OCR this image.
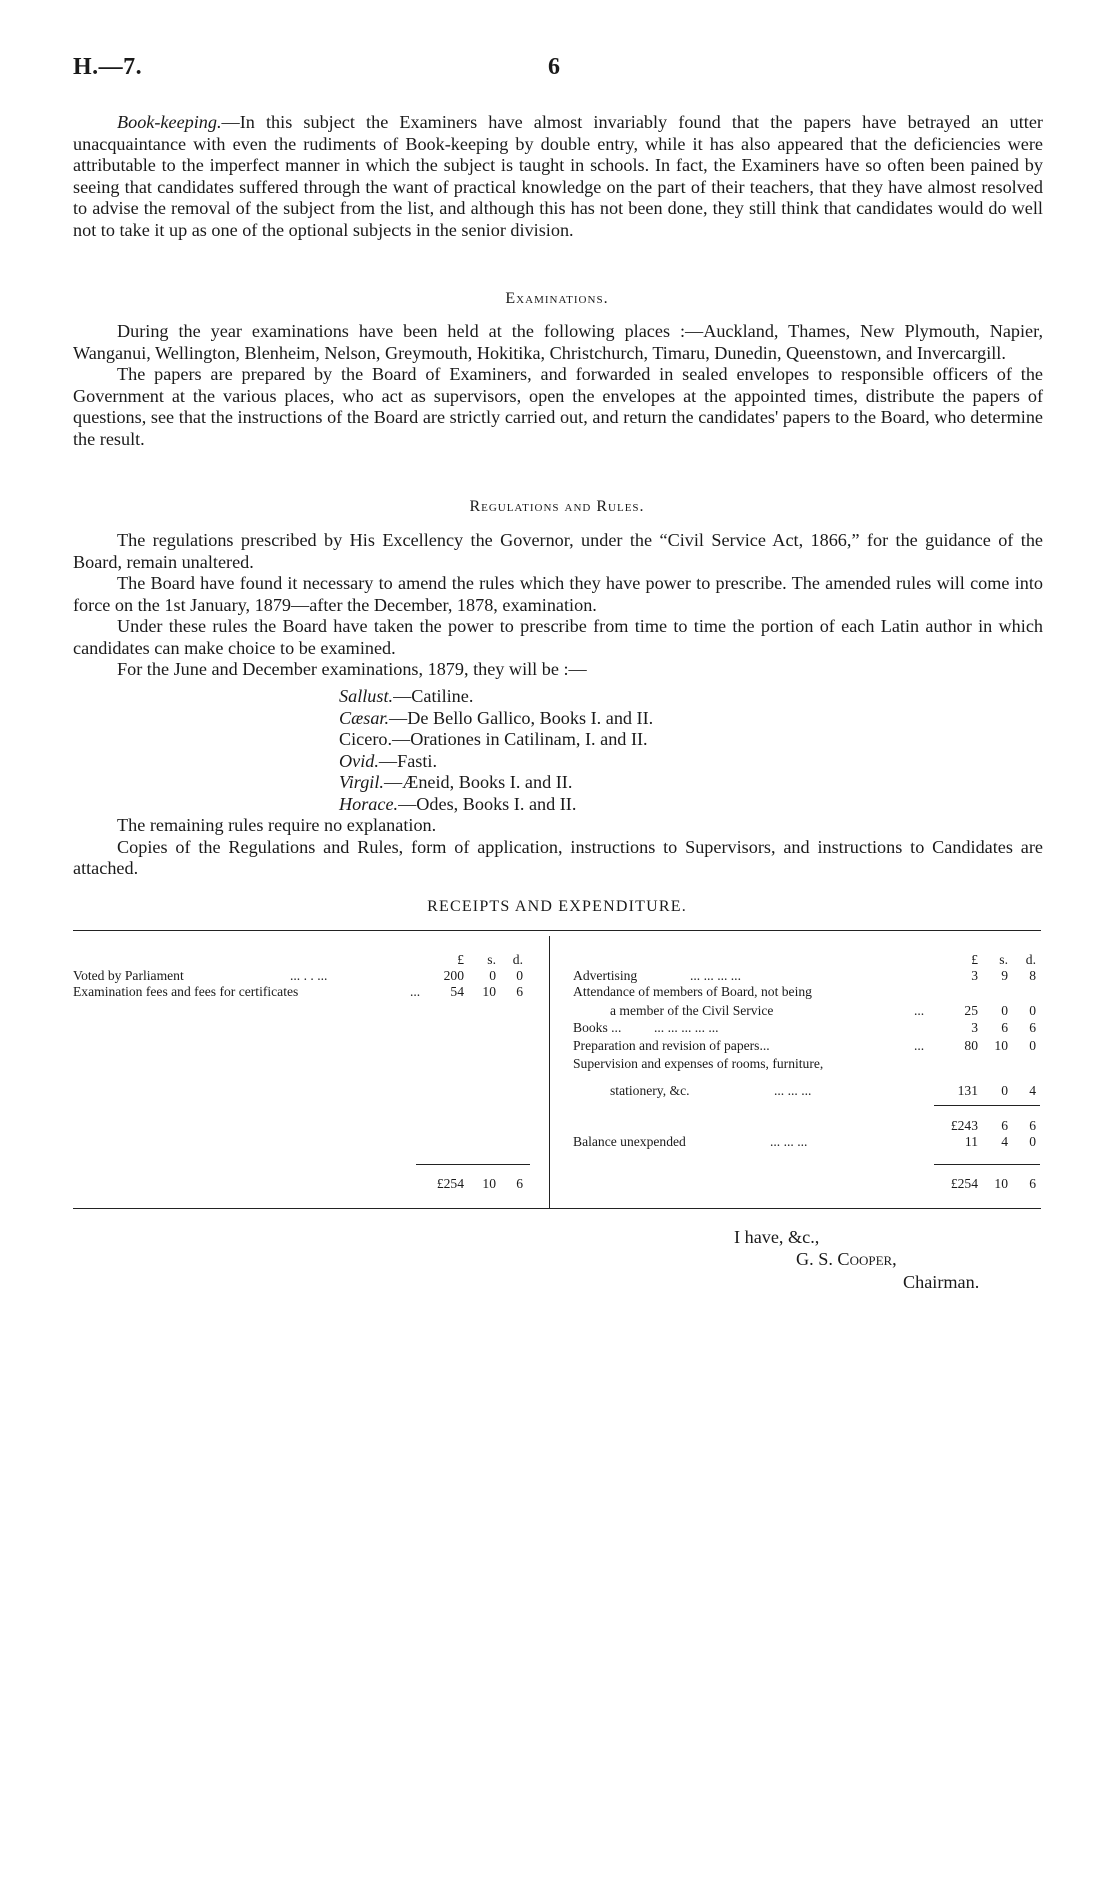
H.—7.	6

Book-keeping.—In this subject the Examiners have almost invariably found that the papers have betrayed an utter unacquaintance with even the rudiments of Book-keeping by double entry, while it has also appeared that the deficiencies were attributable to the imperfect manner in which the subject is taught in schools. In fact, the Examiners have so often been pained by seeing that candidates suffered through the want of practical knowledge on the part of their teachers, that they have almost resolved to advise the removal of the subject from the list, and although this has not been done, they still think that candidates would do well not to take it up as one of the optional subjects in the senior division.

Examinations.

During the year examinations have been held at the following places :—Auckland, Thames, New Plymouth, Napier, Wanganui, Wellington, Blenheim, Nelson, Greymouth, Hokitika, Christchurch, Timaru, Dunedin, Queenstown, and Invercargill.

The papers are prepared by the Board of Examiners, and forwarded in sealed envelopes to responsible officers of the Government at the various places, who act as supervisors, open the envelopes at the appointed times, distribute the papers of questions, see that the instructions of the Board are strictly carried out, and return the candidates' papers to the Board, who determine the result.

Regulations and Rules.

The regulations prescribed by His Excellency the Governor, under the “Civil Service Act, 1866,” for the guidance of the Board, remain unaltered.

The Board have found it necessary to amend the rules which they have power to prescribe. The amended rules will come into force on the 1st January, 1879—after the December, 1878, examination.

Under these rules the Board have taken the power to prescribe from time to time the portion of each Latin author in which candidates can make choice to be examined.

For the June and December examinations, 1879, they will be :—

Sallust.—Catiline.
Cæsar.—De Bello Gallico, Books I. and II.
Cicero.—Orationes in Catilinam, I. and II.
Ovid.—Fasti.
Virgil.—Æneid, Books I. and II.
Horace.—Odes, Books I. and II.

The remaining rules require no explanation.

Copies of the Regulations and Rules, form of application, instructions to Supervisors, and instructions to Candidates are attached.

RECEIPTS AND EXPENDITURE.
£	s.	d.
Voted by Parliament	... . . ...	200	0	0
Examination fees and fees for certificates	...	54	10	6
£254	10	6
£	s.	d.
Advertising	... ... ... ...	3	9	8
Attendance of members of Board, not being
a member of the Civil Service	...	25	0	0
Books ... ... ... ... ... ...	3	6	6
Preparation and revision of papers...	...	80	10	0
Supervision and expenses of rooms, furniture,
stationery, &c.	... ... ...	131	0	4
£243	6	6
Balance unexpended	... ... ...	11	4	0
£254	10	6
I have, &c.,
G. S. Cooper,
Chairman.
